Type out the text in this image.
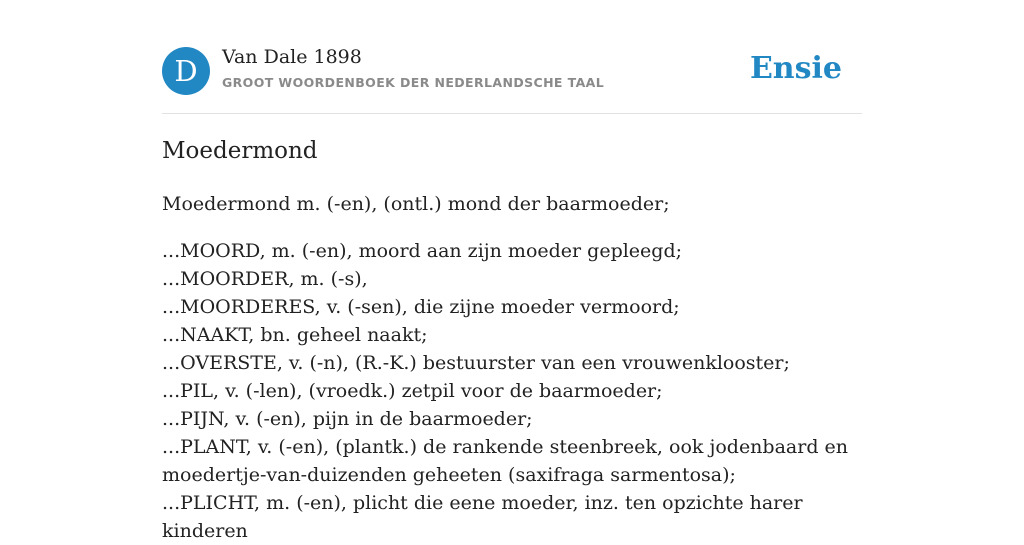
D	Van Dale 1898
GROOT WOORDENBOEK DER NEDERLANDSCHE TAAL	Ensie
Moedermond

Moedermond m. (-en), (ontl.) mond der baarmoeder;

...MOORD, m. (-en), moord aan zijn moeder gepleegd;
...MOORDER, m. (-s),
...MOORDERES, v. (-sen), die zijne moeder vermoord;
...NAAKT, bn. geheel naakt;
...OVERSTE, v. (-n), (R.-K.) bestuurster van een vrouwenklooster;
...PIL, v. (-len), (vroedk.) zetpil voor de baarmoeder;
...PIJN, v. (-en), pijn in de baarmoeder;
...PLANT, v. (-en), (plantk.) de rankende steenbreek, ook jodenbaard en moedertje-van-duizenden geheeten (saxifraga sarmentosa);
...PLICHT, m. (-en), plicht die eene moeder, inz. ten opzichte harer kinderen
